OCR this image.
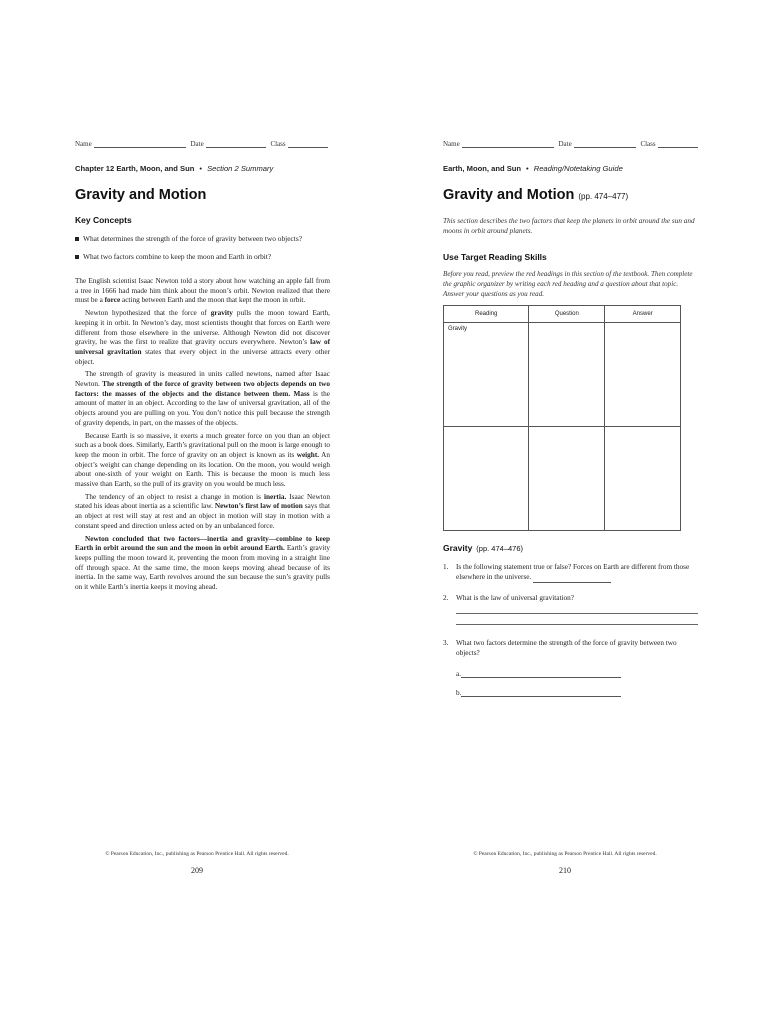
Name	Date	Class
Chapter 12 Earth, Moon, and Sun • Section 2 Summary
Gravity and Motion
Key Concepts
What determines the strength of the force of gravity between two objects?
What two factors combine to keep the moon and Earth in orbit?

The English scientist Isaac Newton told a story about how watching an apple fall from a tree in 1666 had made him think about the moon’s orbit. Newton realized that there must be a force acting between Earth and the moon that kept the moon in orbit.

Newton hypothesized that the force of gravity pulls the moon toward Earth, keeping it in orbit. In Newton’s day, most scientists thought that forces on Earth were different from those elsewhere in the universe. Although Newton did not discover gravity, he was the first to realize that gravity occurs everywhere. Newton’s law of universal gravitation states that every object in the universe attracts every other object.

The strength of gravity is measured in units called newtons, named after Isaac Newton. The strength of the force of gravity between two objects depends on two factors: the masses of the objects and the distance between them. Mass is the amount of matter in an object. According to the law of universal gravitation, all of the objects around you are pulling on you. You don’t notice this pull because the strength of gravity depends, in part, on the masses of the objects.

Because Earth is so massive, it exerts a much greater force on you than an object such as a book does. Similarly, Earth’s gravitational pull on the moon is large enough to keep the moon in orbit. The force of gravity on an object is known as its weight. An object’s weight can change depending on its location. On the moon, you would weigh about one-sixth of your weight on Earth. This is because the moon is much less massive than Earth, so the pull of its gravity on you would be much less.

The tendency of an object to resist a change in motion is inertia. Isaac Newton stated his ideas about inertia as a scientific law. Newton’s first law of motion says that an object at rest will stay at rest and an object in motion will stay in motion with a constant speed and direction unless acted on by an unbalanced force.

Newton concluded that two factors—inertia and gravity—combine to keep Earth in orbit around the sun and the moon in orbit around Earth. Earth’s gravity keeps pulling the moon toward it, preventing the moon from moving in a straight line off through space. At the same time, the moon keeps moving ahead because of its inertia. In the same way, Earth revolves around the sun because the sun’s gravity pulls on it while Earth’s inertia keeps it moving ahead.

© Pearson Education, Inc., publishing as Pearson Prentice Hall. All rights reserved.
209
Name	Date	Class
Earth, Moon, and Sun • Reading/Notetaking Guide
Gravity and Motion (pp. 474–477)
This section describes the two factors that keep the planets in orbit around the sun and moons in orbit around planets.
Use Target Reading Skills
Before you read, preview the red headings in this section of the textbook. Then complete the graphic organizer by writing each red heading and a question about that topic. Answer your questions as you read.
Reading	Question	Answer
Gravity		

Gravity (pp. 474–476)
1. Is the following statement true or false? Forces on Earth are different from those elsewhere in the universe.
2. What is the law of universal gravitation?
3. What two factors determine the strength of the force of gravity between two objects?
a.
b.
© Pearson Education, Inc., publishing as Pearson Prentice Hall. All rights reserved.
210
